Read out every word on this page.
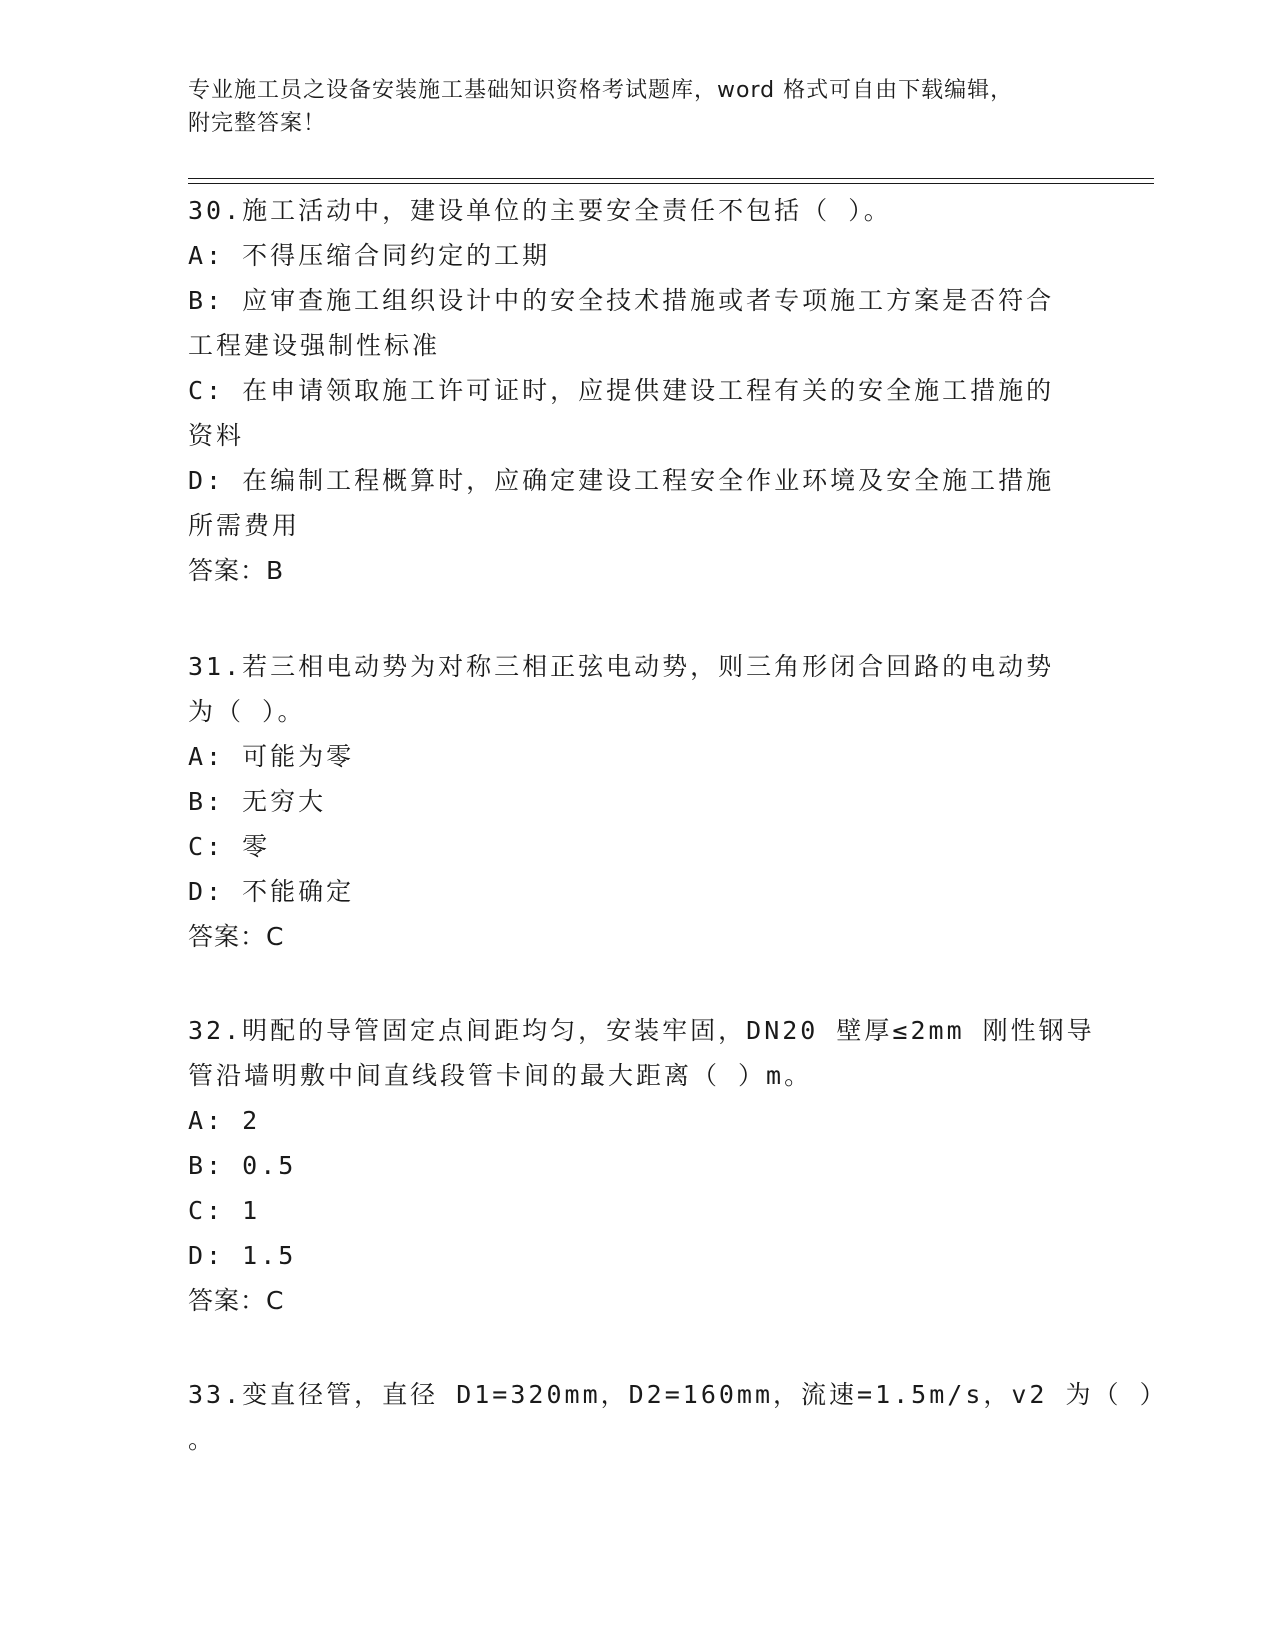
专业施工员之设备安装施工基础知识资格考试题库，word 格式可自由下载编辑，
附完整答案！
30.施工活动中，建设单位的主要安全责任不包括（ ）。
A: 不得压缩合同约定的工期
B: 应审查施工组织设计中的安全技术措施或者专项施工方案是否符合
工程建设强制性标准
C: 在申请领取施工许可证时，应提供建设工程有关的安全施工措施的
资料
D: 在编制工程概算时，应确定建设工程安全作业环境及安全施工措施
所需费用
答案：B
31.若三相电动势为对称三相正弦电动势，则三角形闭合回路的电动势
为（ ）。
A: 可能为零
B: 无穷大
C: 零
D: 不能确定
答案：C
32.明配的导管固定点间距均匀，安装牢固，DN20 壁厚≤2mm 刚性钢导
管沿墙明敷中间直线段管卡间的最大距离（ ）m。
A: 2
B: 0.5
C: 1
D: 1.5
答案：C
33.变直径管，直径 D1=320mm，D2=160mm，流速=1.5m/s，v2 为（ ）
。
